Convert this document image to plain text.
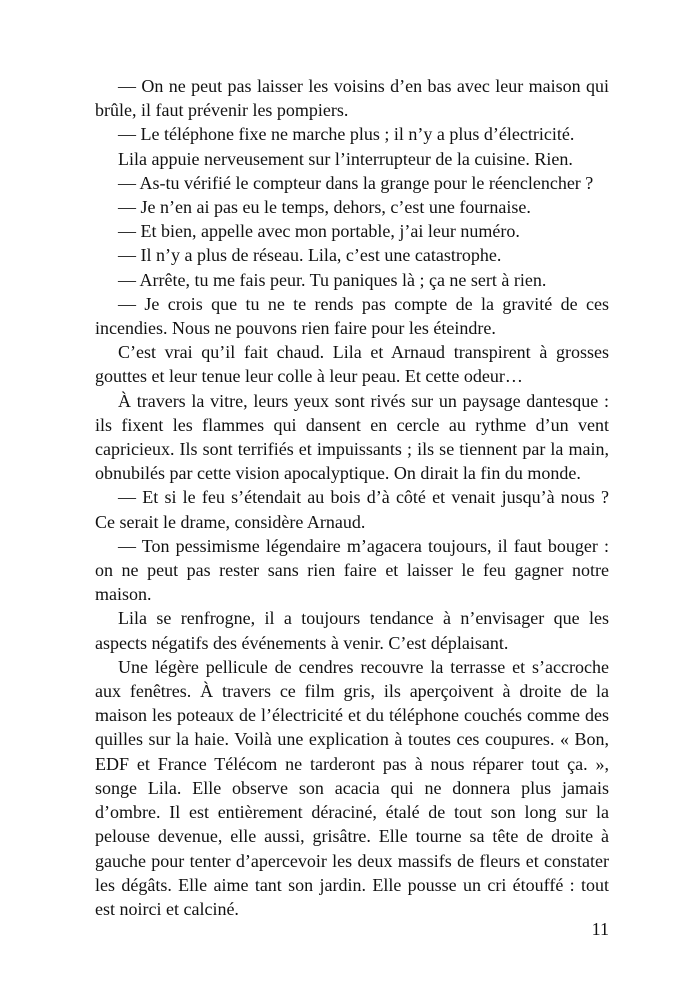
— On ne peut pas laisser les voisins d’en bas avec leur maison qui brûle, il faut prévenir les pompiers.

— Le téléphone fixe ne marche plus ; il n’y a plus d’électricité.

Lila appuie nerveusement sur l’interrupteur de la cuisine. Rien.

— As-tu vérifié le compteur dans la grange pour le réenclencher ?

— Je n’en ai pas eu le temps, dehors, c’est une fournaise.

— Et bien, appelle avec mon portable, j’ai leur numéro.

— Il n’y a plus de réseau. Lila, c’est une catastrophe.

— Arrête, tu me fais peur. Tu paniques là ; ça ne sert à rien.

— Je crois que tu ne te rends pas compte de la gravité de ces incendies. Nous ne pouvons rien faire pour les éteindre.

C’est vrai qu’il fait chaud. Lila et Arnaud transpirent à grosses gouttes et leur tenue leur colle à leur peau. Et cette odeur…

À travers la vitre, leurs yeux sont rivés sur un paysage dantesque : ils fixent les flammes qui dansent en cercle au rythme d’un vent capricieux. Ils sont terrifiés et impuissants ; ils se tiennent par la main, obnubilés par cette vision apocalyptique. On dirait la fin du monde.

— Et si le feu s’étendait au bois d’à côté et venait jusqu’à nous ? Ce serait le drame, considère Arnaud.

— Ton pessimisme légendaire m’agacera toujours, il faut bouger : on ne peut pas rester sans rien faire et laisser le feu gagner notre maison.

Lila se renfrogne, il a toujours tendance à n’envisager que les aspects négatifs des événements à venir. C’est déplaisant.

Une légère pellicule de cendres recouvre la terrasse et s’accroche aux fenêtres. À travers ce film gris, ils aperçoivent à droite de la maison les poteaux de l’électricité et du téléphone couchés comme des quilles sur la haie. Voilà une explication à toutes ces coupures. « Bon, EDF et France Télécom ne tarderont pas à nous réparer tout ça. », songe Lila. Elle observe son acacia qui ne donnera plus jamais d’ombre. Il est entièrement déraciné, étalé de tout son long sur la pelouse devenue, elle aussi, grisâtre. Elle tourne sa tête de droite à gauche pour tenter d’apercevoir les deux massifs de fleurs et constater les dégâts. Elle aime tant son jardin. Elle pousse un cri étouffé : tout est noirci et calciné.

11
